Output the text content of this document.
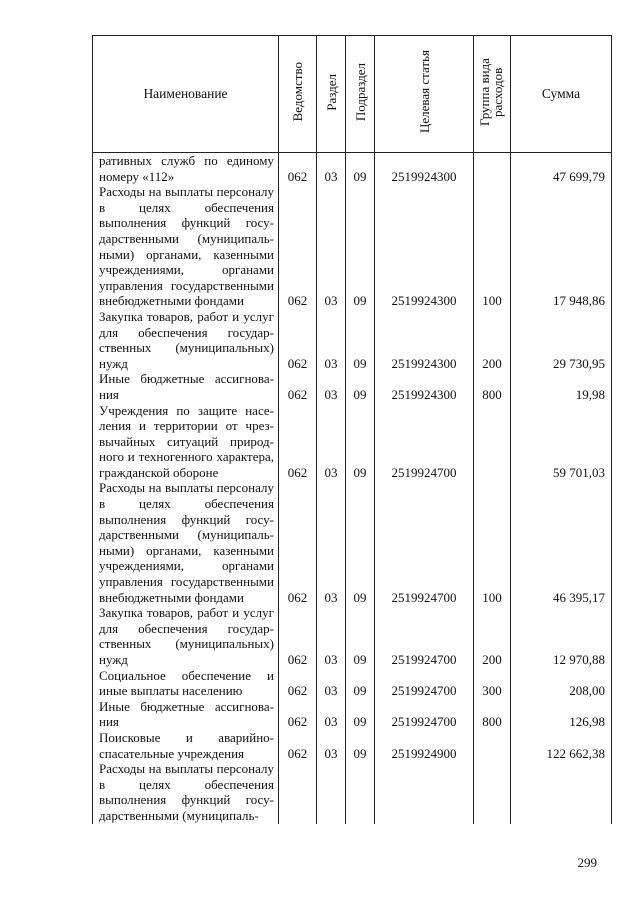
Наименование	Ведомство	Раздел	Подраздел	Целевая статья	Группа вида расходов	Сумма
ративных служб по единому номеру «112»	062	03	09	2519924300		47 699,79
Расходы на выплаты персоналу в целях обеспечения выполнения функций государственными (муниципальными) органами, казенными учреждениями, органами управления государственными внебюджетными фондами	062	03	09	2519924300	100	17 948,86
Закупка товаров, работ и услуг для обеспечения государственных (муниципальных) нужд	062	03	09	2519924300	200	29 730,95
Иные бюджетные ассигнования	062	03	09	2519924300	800	19,98
Учреждения по защите населения и территории от чрезвычайных ситуаций природного и техногенного характера, гражданской обороне	062	03	09	2519924700		59 701,03
Расходы на выплаты персоналу в целях обеспечения выполнения функций государственными (муниципальными) органами, казенными учреждениями, органами управления государственными внебюджетными фондами	062	03	09	2519924700	100	46 395,17
Закупка товаров, работ и услуг для обеспечения государственных (муниципальных) нужд	062	03	09	2519924700	200	12 970,88
Социальное обеспечение и иные выплаты населению	062	03	09	2519924700	300	208,00
Иные бюджетные ассигнования	062	03	09	2519924700	800	126,98
Поисковые и аварийно-спасательные учреждения	062	03	09	2519924900		122 662,38
Расходы на выплаты персоналу в целях обеспечения выполнения функций государственными (муниципаль-						
299
